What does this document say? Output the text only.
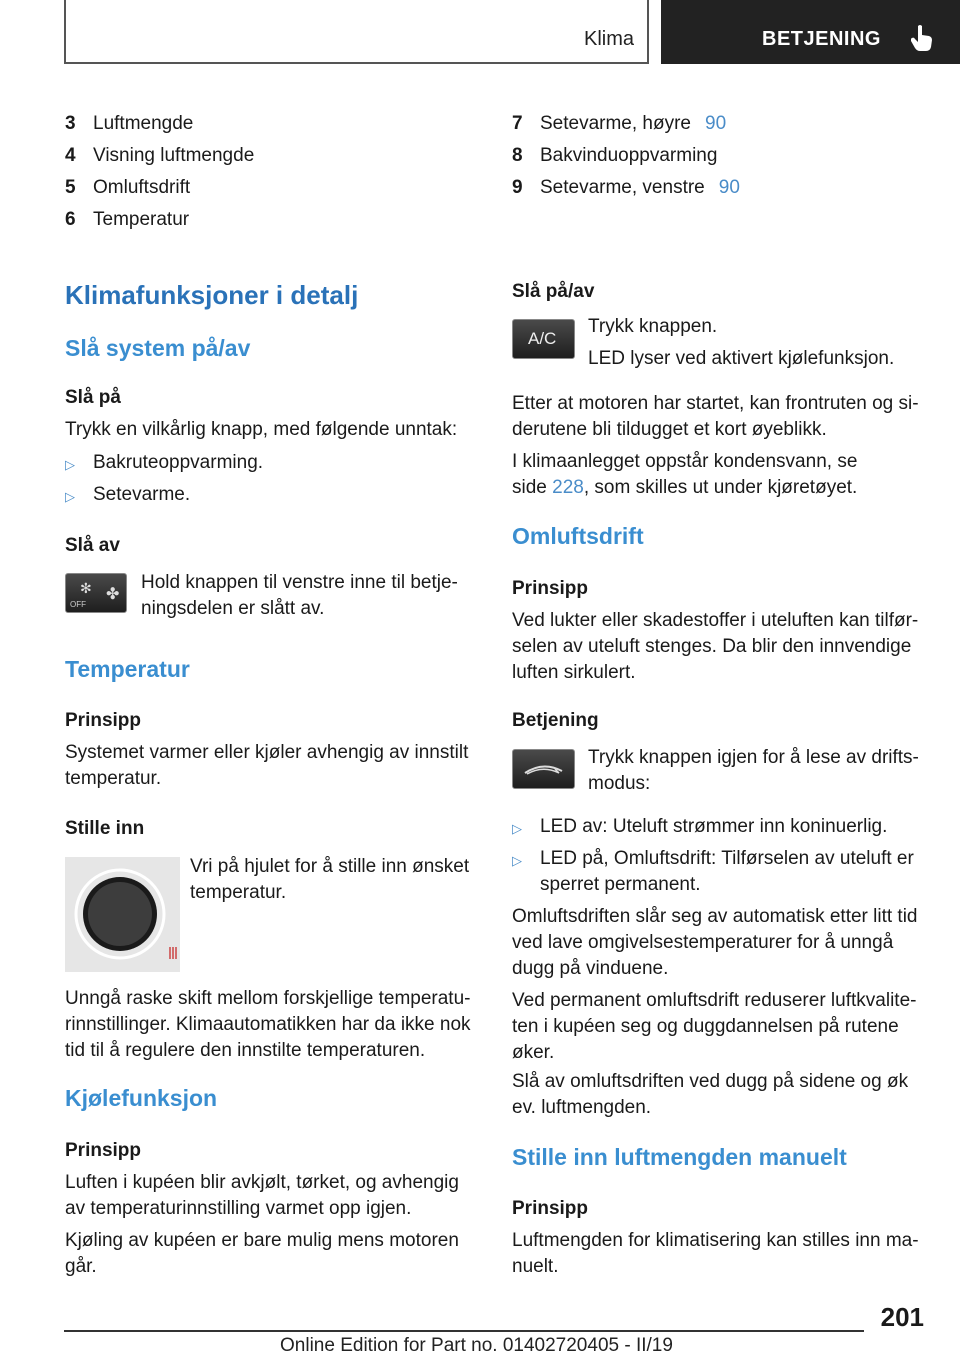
Klima	BETJENING
3 Luftmengde
4 Visning luftmengde
5 Omluftsdrift
6 Temperatur
Klimafunksjoner i detalj
Slå system på/av
Slå på
Trykk en vilkårlig knapp, med følgende unntak:
▷ Bakruteoppvarming.
▷ Setevarme.
Slå av
OFF
✻ ✤
Hold knappen til venstre inne til betje-
ningsdelen er slått av.
Temperatur
Prinsipp
Systemet varmer eller kjøler avhengig av innstilt
temperatur.
Stille inn
Vri på hjulet for å stille inn ønsket
temperatur.
Unngå raske skift mellom forskjellige temperatu-
rinnstillinger. Klimaautomatikken har da ikke nok
tid til å regulere den innstilte temperaturen.
Kjølefunksjon
Prinsipp
Luften i kupéen blir avkjølt, tørket, og avhengig
av temperaturinnstilling varmet opp igjen.
Kjøling av kupéen er bare mulig mens motoren
går.
7 Setevarme, høyre 90
8 Bakvinduoppvarming
9 Setevarme, venstre 90
Slå på/av
A/C
Trykk knappen.
LED lyser ved aktivert kjølefunksjon.
Etter at motoren har startet, kan frontruten og si-
derutene bli tildugget et kort øyeblikk.
I klimaanlegget oppstår kondensvann, se
side 228, som skilles ut under kjøretøyet.
Omluftsdrift
Prinsipp
Ved lukter eller skadestoffer i uteluften kan tilfør-
selen av uteluft stenges. Da blir den innvendige
luften sirkulert.
Betjening
Trykk knappen igjen for å lese av drifts-
modus:
▷ LED av: Uteluft strømmer inn koninuerlig.
▷ LED på, Omluftsdrift: Tilførselen av uteluft er
sperret permanent.
Omluftsdriften slår seg av automatisk etter litt tid
ved lave omgivelsestemperaturer for å unngå
dugg på vinduene.
Ved permanent omluftsdrift reduserer luftkvalite-
ten i kupéen seg og duggdannelsen på rutene
øker.
Slå av omluftsdriften ved dugg på sidene og øk
ev. luftmengden.
Stille inn luftmengden manuelt
Prinsipp
Luftmengden for klimatisering kan stilles inn ma-
nuelt.
201
Online Edition for Part no. 01402720405 - II/19
